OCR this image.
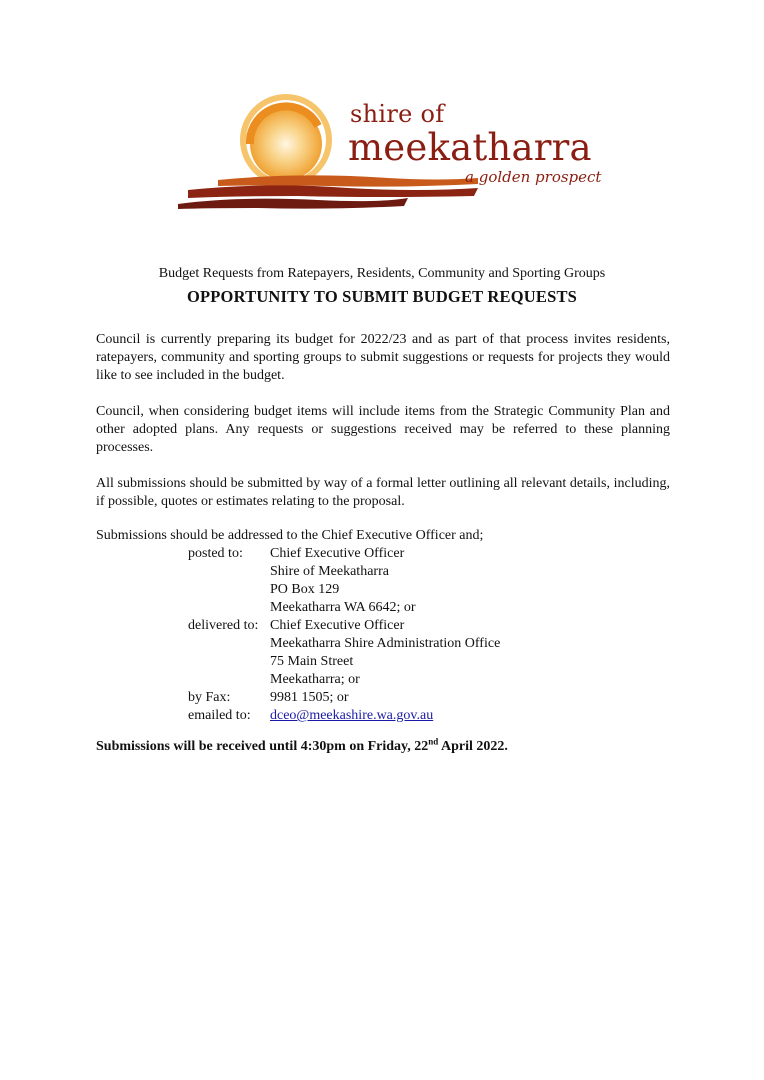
shire of
meekatharra
a golden prospect
Budget Requests from Ratepayers, Residents, Community and Sporting Groups
OPPORTUNITY TO SUBMIT BUDGET REQUESTS

Council is currently preparing its budget for 2022/23 and as part of that process invites residents, ratepayers, community and sporting groups to submit suggestions or requests for projects they would like to see included in the budget.

Council, when considering budget items will include items from the Strategic Community Plan and other adopted plans. Any requests or suggestions received may be referred to these planning processes.

All submissions should be submitted by way of a formal letter outlining all relevant details, including, if possible, quotes or estimates relating to the proposal.

Submissions should be addressed to the Chief Executive Officer and;
posted to: Chief Executive Officer
Shire of Meekatharra
PO Box 129
Meekatharra WA 6642; or
delivered to: Chief Executive Officer
Meekatharra Shire Administration Office
75 Main Street
Meekatharra; or
by Fax:	9981 1505; or
emailed to: dceo@meekashire.wa.gov.au
Submissions will be received until 4:30pm on Friday, 22nd April 2022.
